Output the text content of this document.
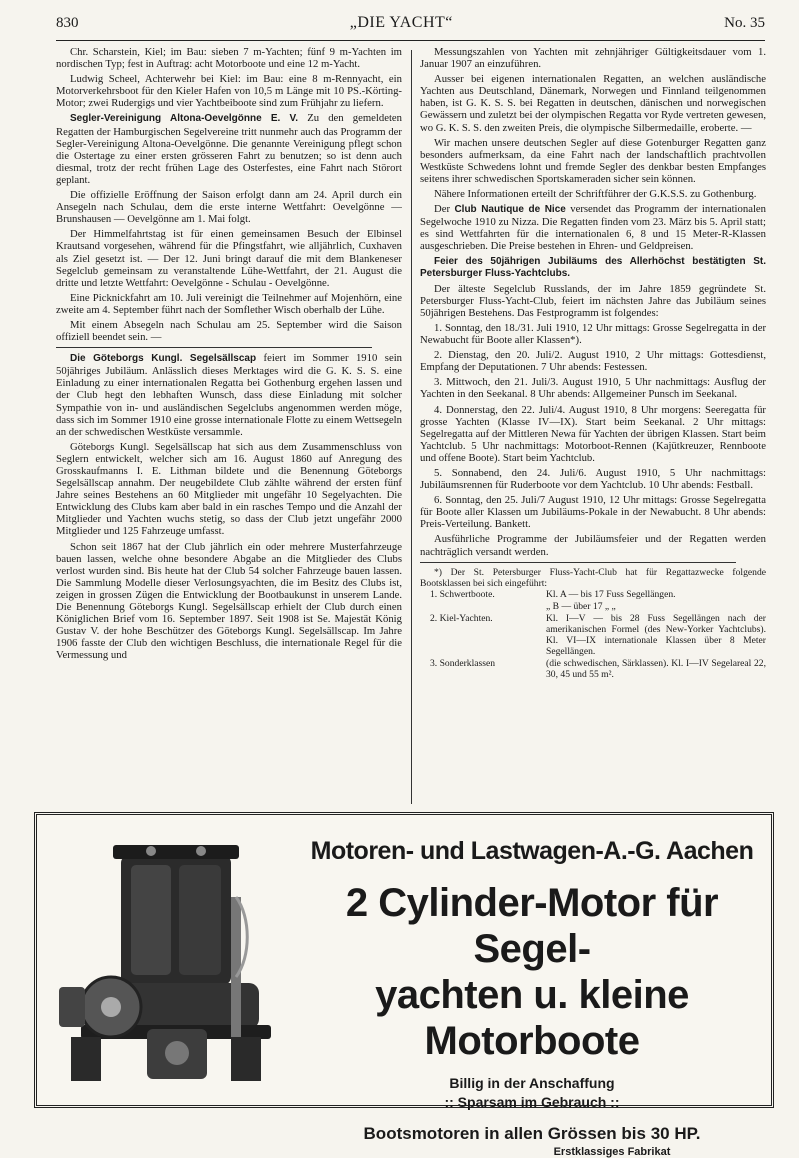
830	„DIE YACHT“	No. 35

Chr. Scharstein, Kiel; im Bau: sieben 7 m-Yachten; fünf 9 m-Yachten im nordischen Typ; fest in Auftrag: acht Motorboote und eine 12 m-Yacht.

Ludwig Scheel, Achterwehr bei Kiel: im Bau: eine 8 m-Rennyacht, ein Motorverkehrsboot für den Kieler Hafen von 10,5 m Länge mit 10 PS.-Körting-Motor; zwei Rudergigs und vier Yachtbeiboote sind zum Frühjahr zu liefern.

Segler-Vereinigung Altona-Oevelgönne E. V. Zu den gemeldeten Regatten der Hamburgischen Segelvereine tritt nunmehr auch das Programm der Segler-Vereinigung Altona-Oevelgönne. Die genannte Vereinigung pflegt schon die Ostertage zu einer ersten grösseren Fahrt zu benutzen; so ist denn auch diesmal, trotz der recht frühen Lage des Osterfestes, eine Fahrt nach Störort geplant.

Die offizielle Eröffnung der Saison erfolgt dann am 24. April durch ein Ansegeln nach Schulau, dem die erste interne Wettfahrt: Oevelgönne — Brunshausen — Oevelgönne am 1. Mai folgt.

Der Himmelfahrtstag ist für einen gemeinsamen Besuch der Elbinsel Krautsand vorgesehen, während für die Pfingstfahrt, wie alljährlich, Cuxhaven als Ziel gesetzt ist. — Der 12. Juni bringt darauf die mit dem Blankeneser Segelclub gemeinsam zu veranstaltende Lühe-Wettfahrt, der 21. August die dritte und letzte Wettfahrt: Oevelgönne - Schulau - Oevelgönne.

Eine Picknickfahrt am 10. Juli vereinigt die Teilnehmer auf Mojenhörn, eine zweite am 4. September führt nach der Somflether Wisch oberhalb der Lühe.

Mit einem Absegeln nach Schulau am 25. September wird die Saison offiziell beendet sein. —

Die Göteborgs Kungl. Segelsällscap feiert im Sommer 1910 sein 50jähriges Jubiläum. Anlässlich dieses Merktages wird die G. K. S. S. eine Einladung zu einer internationalen Regatta bei Gothenburg ergehen lassen und der Club hegt den lebhaften Wunsch, dass diese Einladung mit solcher Sympathie von in- und ausländischen Segelclubs angenommen werden möge, dass sich im Sommer 1910 eine grosse internationale Flotte zu einem Wettsegeln an der schwedischen Westküste versammle.

Göteborgs Kungl. Segelsällscap hat sich aus dem Zusammenschluss von Seglern entwickelt, welcher sich am 16. August 1860 auf Anregung des Grosskaufmanns I. E. Lithman bildete und die Benennung Göteborgs Segelsällscap annahm. Der neugebildete Club zählte während der ersten fünf Jahre seines Bestehens an 60 Mitglieder mit ungefähr 10 Segelyachten. Die Entwicklung des Clubs kam aber bald in ein rasches Tempo und die Anzahl der Mitglieder und Yachten wuchs stetig, so dass der Club jetzt ungefähr 2000 Mitglieder und 125 Fahrzeuge umfasst.

Schon seit 1867 hat der Club jährlich ein oder mehrere Musterfahrzeuge bauen lassen, welche ohne besondere Abgabe an die Mitglieder des Clubs verlost wurden sind. Bis heute hat der Club 54 solcher Fahrzeuge bauen lassen. Die Sammlung Modelle dieser Verlosungsyachten, die im Besitz des Clubs ist, zeigen in grossen Zügen die Entwicklung der Bootbaukunst in unserem Lande. Die Benennung Göteborgs Kungl. Segelsällscap erhielt der Club durch einen Königlichen Brief vom 16. September 1897. Seit 1908 ist Se. Majestät König Gustav V. der hohe Beschützer des Göteborgs Kungl. Segelsällscap. Im Jahre 1906 fasste der Club den wichtigen Beschluss, die internationale Regel für die Vermessung und

Messungszahlen von Yachten mit zehnjähriger Gültigkeitsdauer vom 1. Januar 1907 an einzuführen.

Ausser bei eigenen internationalen Regatten, an welchen ausländische Yachten aus Deutschland, Dänemark, Norwegen und Finnland teilgenommen haben, ist G. K. S. S. bei Regatten in deutschen, dänischen und norwegischen Gewässern und zuletzt bei der olympischen Regatta vor Ryde vertreten gewesen, wo G. K. S. S. den zweiten Preis, die olympische Silbermedaille, eroberte. —

Wir machen unsere deutschen Segler auf diese Gotenburger Regatten ganz besonders aufmerksam, da eine Fahrt nach der landschaftlich prachtvollen Westküste Schwedens lohnt und fremde Segler des denkbar besten Empfanges seitens ihrer schwedischen Sportskameraden sicher sein können.

Nähere Informationen erteilt der Schriftführer der G.K.S.S. zu Gothenburg.

Der Club Nautique de Nice versendet das Programm der internationalen Segelwoche 1910 zu Nizza. Die Regatten finden vom 23. März bis 5. April statt; es sind Wettfahrten für die internationalen 6, 8 und 15 Meter-R-Klassen ausgeschrieben. Die Preise bestehen in Ehren- und Geldpreisen.

Feier des 50jährigen Jubiläums des Allerhöchst bestätigten St. Petersburger Fluss-Yachtclubs.

Der älteste Segelclub Russlands, der im Jahre 1859 gegründete St. Petersburger Fluss-Yacht-Club, feiert im nächsten Jahre das Jubiläum seines 50jährigen Bestehens. Das Festprogramm ist folgendes:

1. Sonntag, den 18./31. Juli 1910, 12 Uhr mittags: Grosse Segelregatta in der Newabucht für Boote aller Klassen*).

2. Dienstag, den 20. Juli/2. August 1910, 2 Uhr mittags: Gottesdienst, Empfang der Deputationen. 7 Uhr abends: Festessen.

3. Mittwoch, den 21. Juli/3. August 1910, 5 Uhr nachmittags: Ausflug der Yachten in den Seekanal. 8 Uhr abends: Allgemeiner Punsch im Seekanal.

4. Donnerstag, den 22. Juli/4. August 1910, 8 Uhr morgens: Seeregatta für grosse Yachten (Klasse IV—IX). Start beim Seekanal. 2 Uhr mittags: Segelregatta auf der Mittleren Newa für Yachten der übrigen Klassen. Start beim Yachtclub. 5 Uhr nachmittags: Motorboot-Rennen (Kajütkreuzer, Rennboote und offene Boote). Start beim Yachtclub.

5. Sonnabend, den 24. Juli/6. August 1910, 5 Uhr nachmittags: Jubiläumsrennen für Ruderboote vor dem Yachtclub. 10 Uhr abends: Festball.

6. Sonntag, den 25. Juli/7 August 1910, 12 Uhr mittags: Grosse Segelregatta für Boote aller Klassen um Jubiläums-Pokale in der Newabucht. 8 Uhr abends: Preis-Verteilung. Bankett.

Ausführliche Programme der Jubiläumsfeier und der Regatten werden nachträglich versandt werden.

*) Der St. Petersburger Fluss-Yacht-Club hat für Regattazwecke folgende Bootsklassen bei sich eingeführt:

1. Schwertboote.	Kl. A — bis 17 Fuss Segellängen.
	„ B — über 17 „ „
2. Kiel-Yachten.	Kl. I—V — bis 28 Fuss Segellängen nach der amerikanischen Formel (des New-Yorker Yachtclubs). Kl. VI—IX internationale Klassen über 8 Meter Segellängen.
3. Sonderklassen	(die schwedischen, Särklassen). Kl. I—IV Segelareal 22, 30, 45 und 55 m².
Motoren- und Lastwagen-A.-G. Aachen
2 Cylinder-Motor für Segel-
yachten u. kleine Motorboote
Billig in der Anschaffung
:: Sparsam im Gebrauch ::
Bootsmotoren in allen Grössen bis 30 HP.
Erstklassiges Fabrikat
